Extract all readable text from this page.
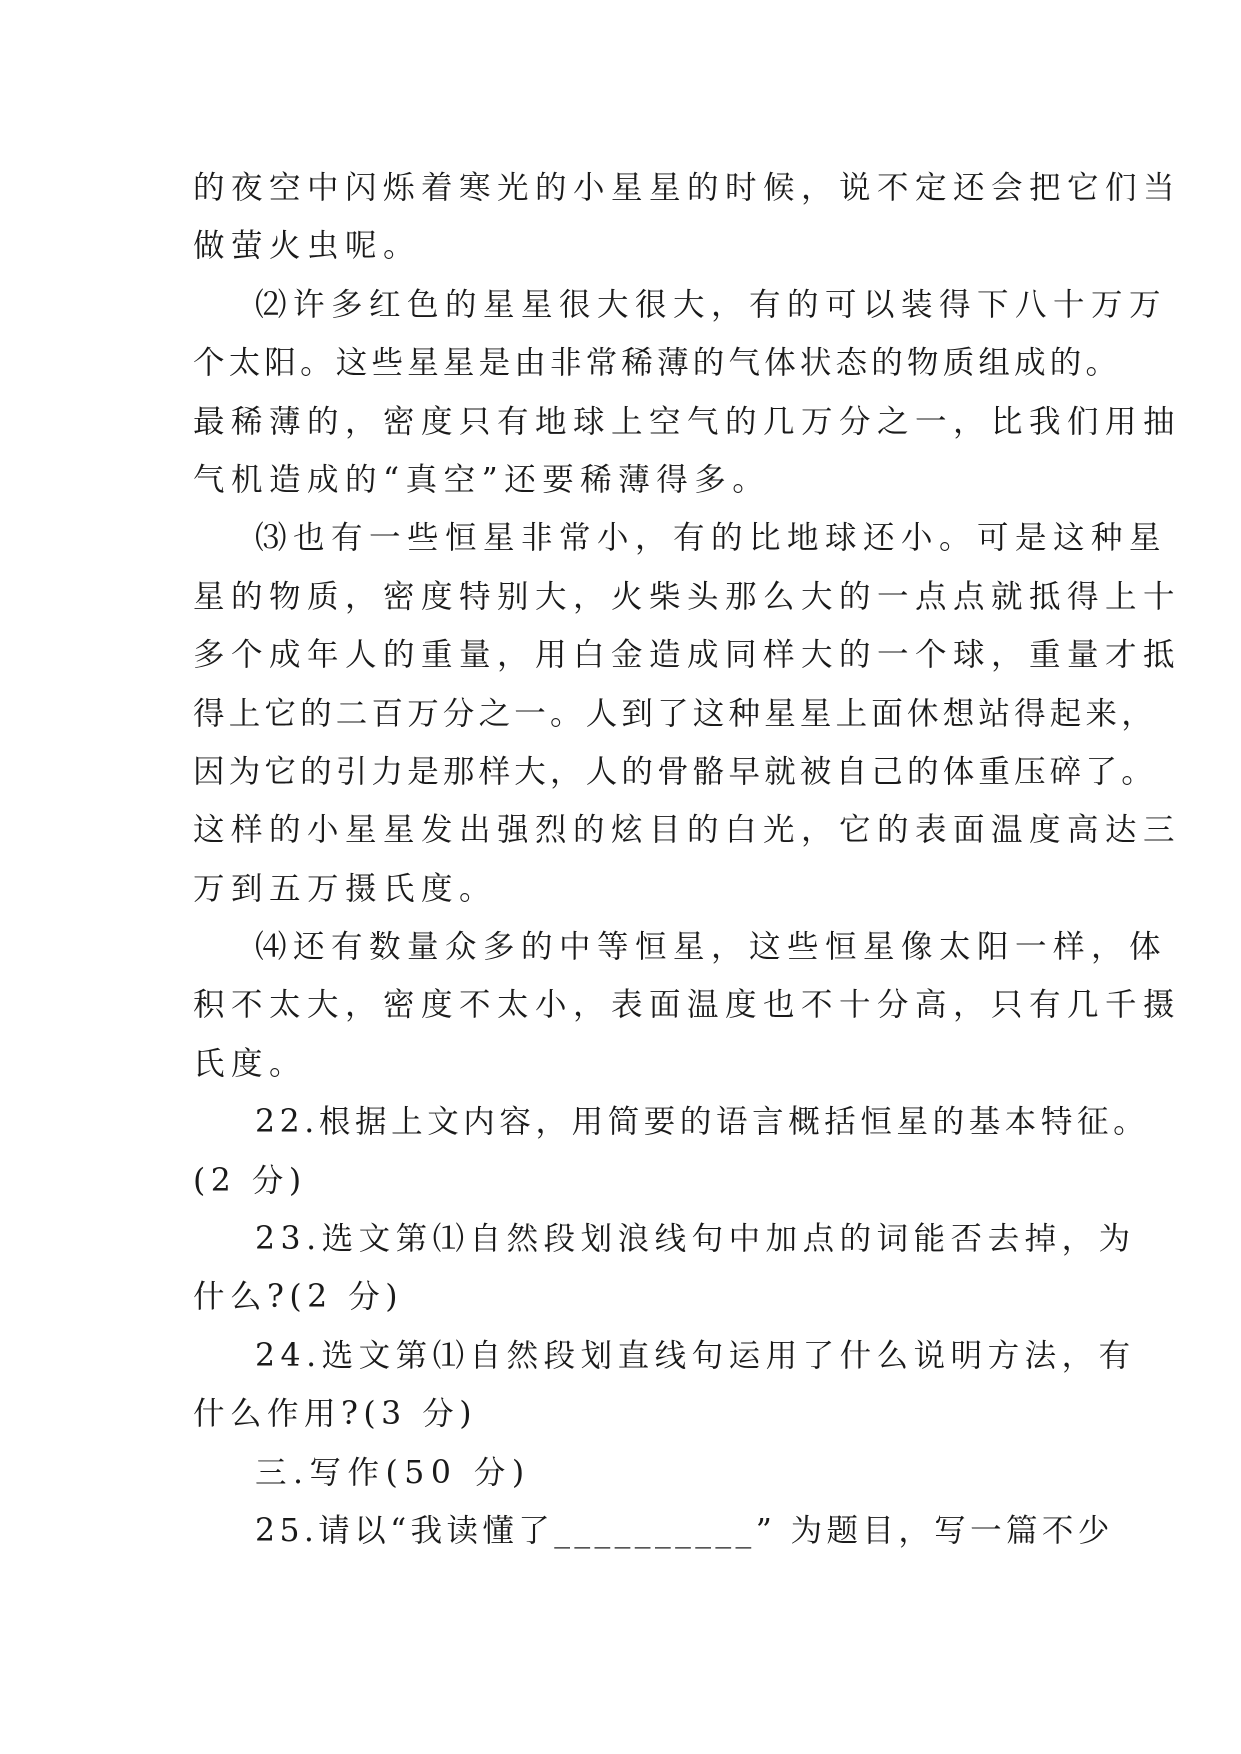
的夜空中闪烁着寒光的小星星的时候，说不定还会把它们当
做萤火虫呢。
⑵许多红色的星星很大很大，有的可以装得下八十万万
个太阳。这些星星是由非常稀薄的气体状态的物质组成的。
最稀薄的，密度只有地球上空气的几万分之一，比我们用抽
气机造成的“真空”还要稀薄得多。
⑶也有一些恒星非常小，有的比地球还小。可是这种星
星的物质，密度特别大，火柴头那么大的一点点就抵得上十
多个成年人的重量，用白金造成同样大的一个球，重量才抵
得上它的二百万分之一。人到了这种星星上面休想站得起来，
因为它的引力是那样大，人的骨骼早就被自己的体重压碎了。
这样的小星星发出强烈的炫目的白光，它的表面温度高达三
万到五万摄氏度。
⑷还有数量众多的中等恒星，这些恒星像太阳一样，体
积不太大，密度不太小，表面温度也不十分高，只有几千摄
氏度。
22.根据上文内容，用简要的语言概括恒星的基本特征。
(2 分)
23.选文第⑴自然段划浪线句中加点的词能否去掉，为
什么?(2 分)
24.选文第⑴自然段划直线句运用了什么说明方法，有
什么作用?(3 分)
三.写作(50 分)
25.请以“我读懂了__________” 为题目，写一篇不少
